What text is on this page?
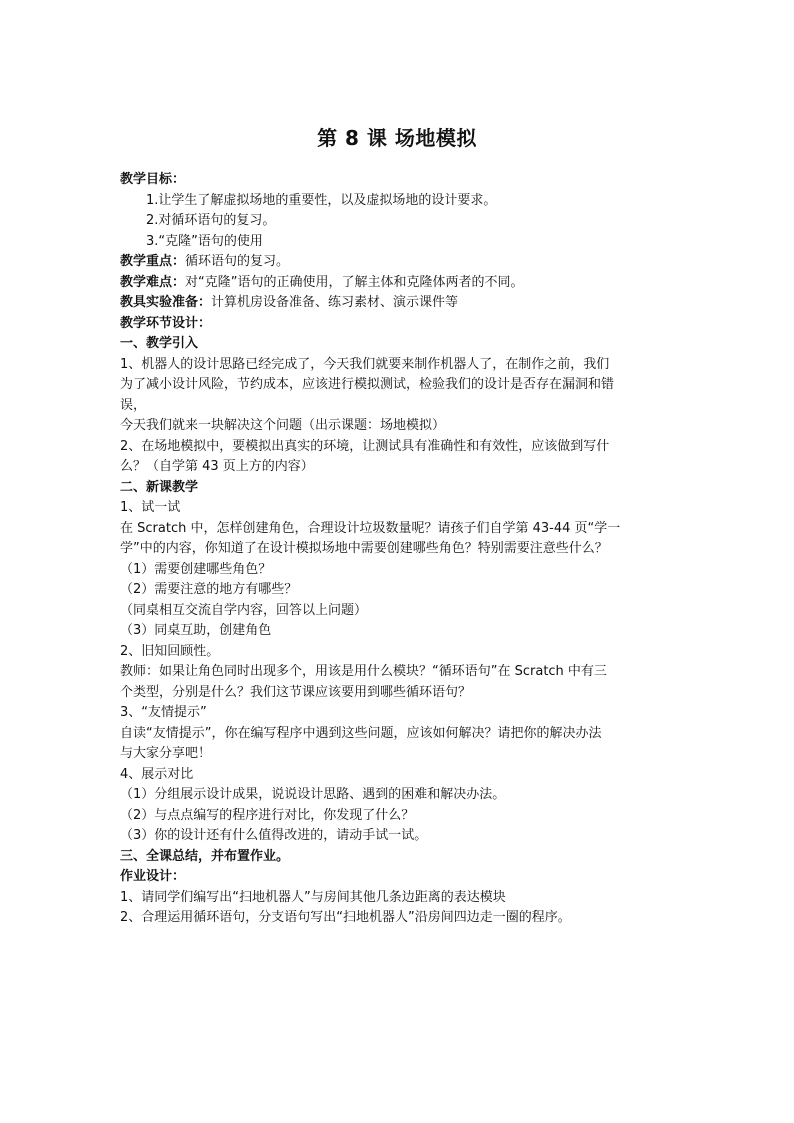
第 8 课 场地模拟

教学目标：

1.让学生了解虚拟场地的重要性，以及虚拟场地的设计要求。

2.对循环语句的复习。

3.“克隆”语句的使用

教学重点：循环语句的复习。

教学难点：对“克隆”语句的正确使用，了解主体和克隆体两者的不同。

教具实验准备：计算机房设备准备、练习素材、演示课件等

教学环节设计：

一、教学引入

1、机器人的设计思路已经完成了，今天我们就要来制作机器人了，在制作之前，我们

为了减小设计风险，节约成本，应该进行模拟测试，检验我们的设计是否存在漏洞和错

误，

今天我们就来一块解决这个问题（出示课题：场地模拟）

2、在场地模拟中，要模拟出真实的环境，让测试具有准确性和有效性，应该做到写什

么？（自学第 43 页上方的内容）

二、新课教学

1、试一试

在 Scratch 中，怎样创建角色，合理设计垃圾数量呢？请孩子们自学第 43-44 页“学一

学”中的内容，你知道了在设计模拟场地中需要创建哪些角色？特别需要注意些什么？

（1）需要创建哪些角色？

（2）需要注意的地方有哪些？

（同桌相互交流自学内容，回答以上问题）

（3）同桌互助，创建角色

2、旧知回顾性。

教师：如果让角色同时出现多个，用该是用什么模块？“循环语句”在 Scratch 中有三

个类型，分别是什么？我们这节课应该要用到哪些循环语句？

3、“友情提示”

自读“友情提示”，你在编写程序中遇到这些问题，应该如何解决？请把你的解决办法

与大家分享吧！

4、展示对比

（1）分组展示设计成果，说说设计思路、遇到的困难和解决办法。

（2）与点点编写的程序进行对比，你发现了什么？

（3）你的设计还有什么值得改进的，请动手试一试。

三、全课总结，并布置作业。

作业设计：

1、请同学们编写出“扫地机器人”与房间其他几条边距离的表达模块

2、合理运用循环语句，分支语句写出“扫地机器人”沿房间四边走一圈的程序。
